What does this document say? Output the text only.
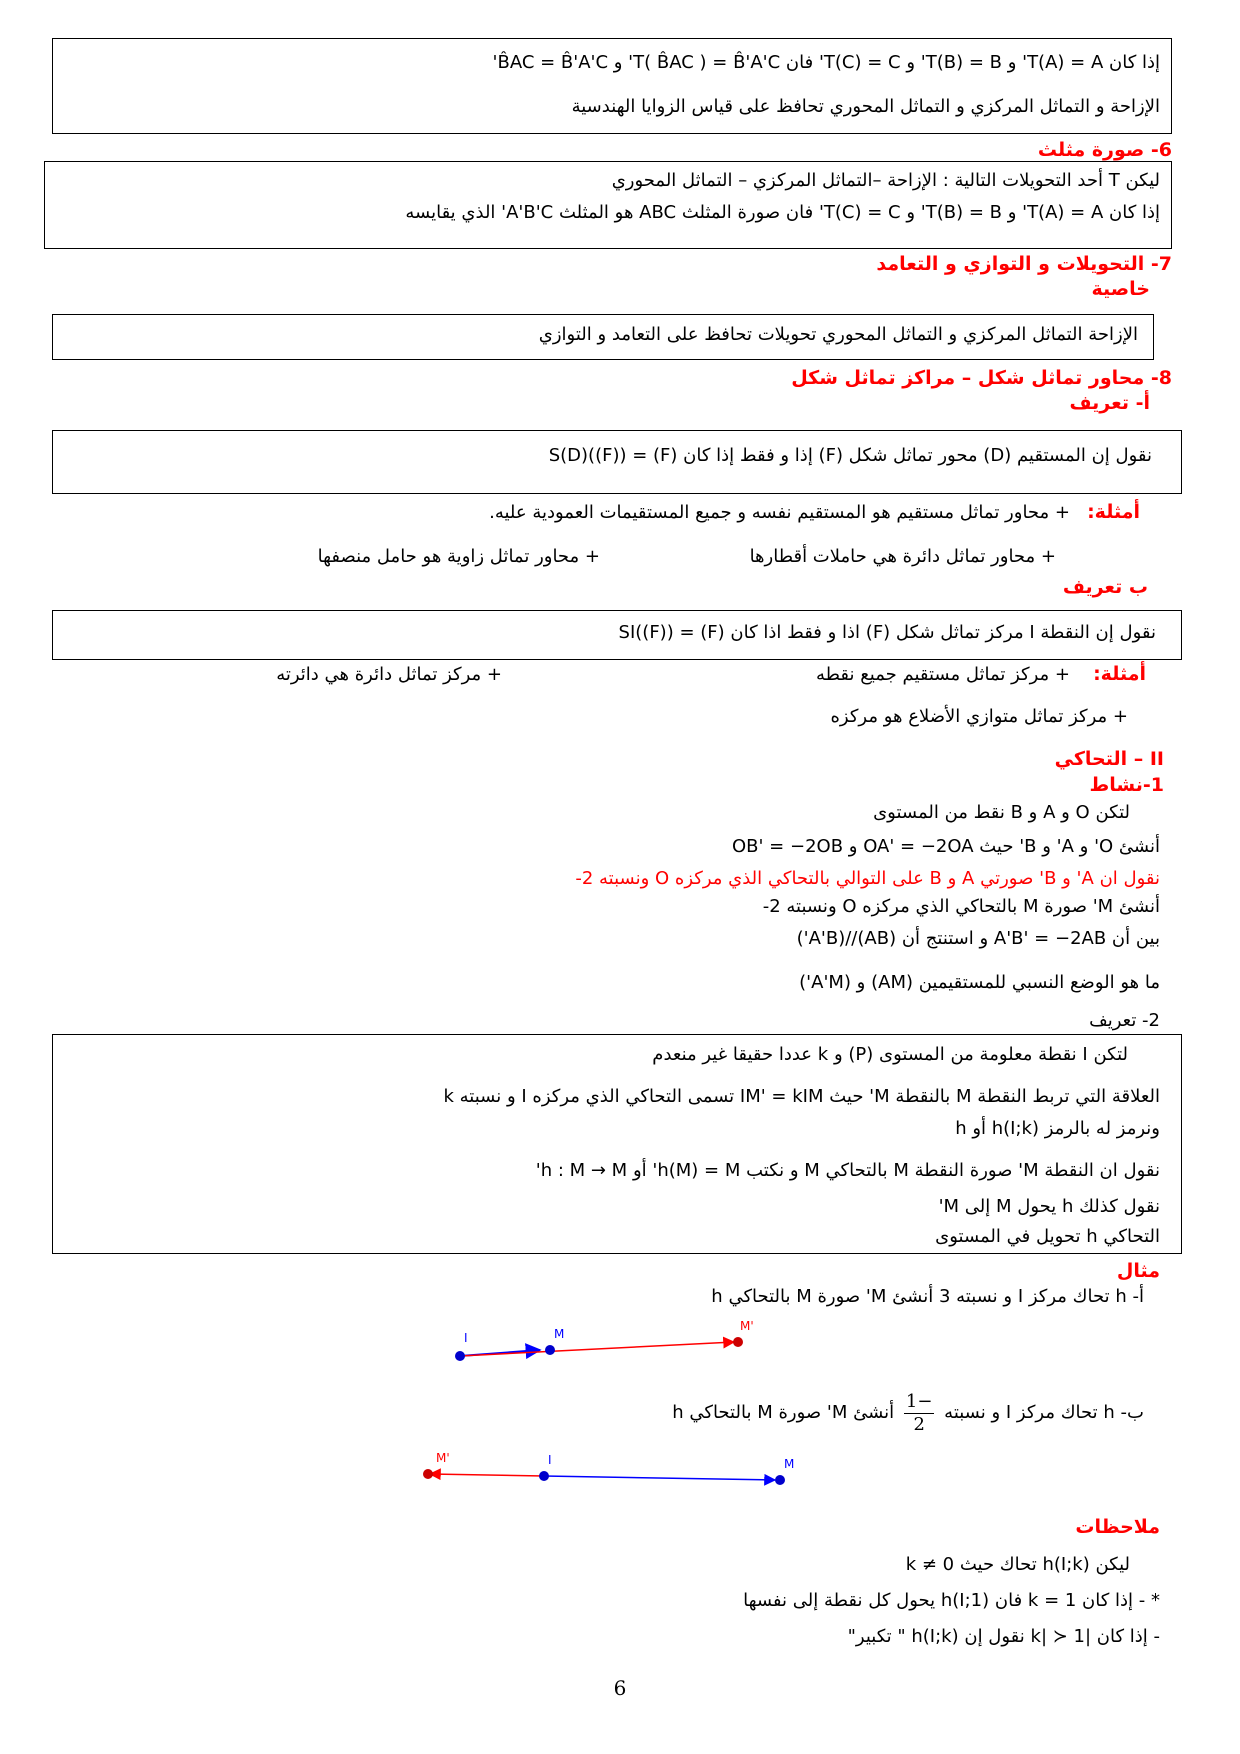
إذا كان T(A) = A' و T(B) = B' و T(C) = C' فان T( B̂AC ) = B̂'A'C' و B̂AC = B̂'A'C'
الإزاحة و التماثل المركزي و التماثل المحوري تحافظ على قياس الزوايا الهندسية
6- صورة مثلث
ليكن T أحد التحويلات التالية : الإزاحة –التماثل المركزي – التماثل المحوري
إذا كان T(A) = A' و T(B) = B' و T(C) = C' فان صورة المثلث ABC هو المثلث A'B'C' الذي يقايسه
7- التحويلات و التوازي و التعامد
خاصية
الإزاحة التماثل المركزي و التماثل المحوري تحويلات تحافظ على التعامد و التوازي
8- محاور تماثل شكل – مراكز تماثل شكل
أ- تعريف
نقول إن المستقيم (D) محور تماثل شكل (F) إذا و فقط إذا كان S(D)((F)) = (F)
أمثلة:
+ محاور تماثل مستقيم هو المستقيم نفسه و جميع المستقيمات العمودية عليه.
+ محاور تماثل دائرة هي حاملات أقطارها
+ محاور تماثل زاوية هو حامل منصفها
ب تعريف
نقول إن النقطة I مركز تماثل شكل (F) اذا و فقط اذا كان SI((F)) = (F)
أمثلة:
+ مركز تماثل مستقيم جميع نقطه
+ مركز تماثل دائرة هي دائرته
+ مركز تماثل متوازي الأضلاع هو مركزه
II – التحاكي
1-نشاط
لتكن O و A و B نقط من المستوى
أنشئ O' و A' و B' حيث OA' = −2OA و OB' = −2OB
نقول ان A' و B' صورتي A و B على التوالي بالتحاكي الذي مركزه O ونسبته 2-
أنشئ M' صورة M بالتحاكي الذي مركزه O ونسبته 2-
بين أن A'B' = −2AB و استنتج أن (AB)//(A'B')
ما هو الوضع النسبي للمستقيمين (AM) و (A'M')
2- تعريف
لتكن I نقطة معلومة من المستوى (P) و k عددا حقيقا غير منعدم
العلاقة التي تربط النقطة M بالنقطة M' حيث IM' = kIM تسمى التحاكي الذي مركزه I و نسبته k
ونرمز له بالرمز h(I;k) أو h
نقول ان النقطة M' صورة النقطة M بالتحاكي M و نكتب h(M) = M' أو h : M → M'
نقول كذلك h يحول M إلى M'
التحاكي h تحويل في المستوى
مثال
أ- h تحاك مركز I و نسبته 3 أنشئ M' صورة M بالتحاكي h
I	M
M'
ب- h تحاك مركز I و نسبته
$\frac{-1}{2}$
أنشئ M' صورة M بالتحاكي h
M'	I	M
ملاحظات
ليكن h(I;k) تحاك حيث k ≠ 0
* - إذا كان k = 1 فان h(I;1) يحول كل نقطة إلى نفسها
- إذا كان |k| ≻ 1 نقول إن h(I;k) " تكبير"
6
